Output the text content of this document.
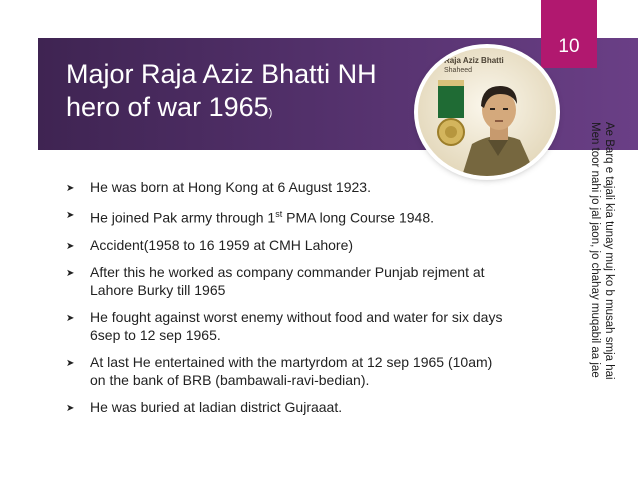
Major Raja Aziz Bhatti NH
hero of war 1965)
10
Raja Aziz Bhatti
Shaheed
➤ He was born at Hong Kong at 6 August 1923.
➤ He joined Pak army through 1st PMA long Course 1948.
➤ Accident(1958 to 16 1959 at CMH Lahore)
➤ After this he worked as company commander Punjab rejment at Lahore Burky till 1965
➤ He fought against worst enemy without food and water for six days 6sep to 12 sep 1965.
➤ At last He entertained with the martyrdom at 12 sep 1965 (10am) on the bank of BRB (bambawali-ravi-bedian).
➤ He was buried at ladian district Gujraaat.
Ae Barq e tajali kia tunay muj ko b musah smja hai
Men toor nahi jo jal jaon, jo chahay muqabil aa jae
